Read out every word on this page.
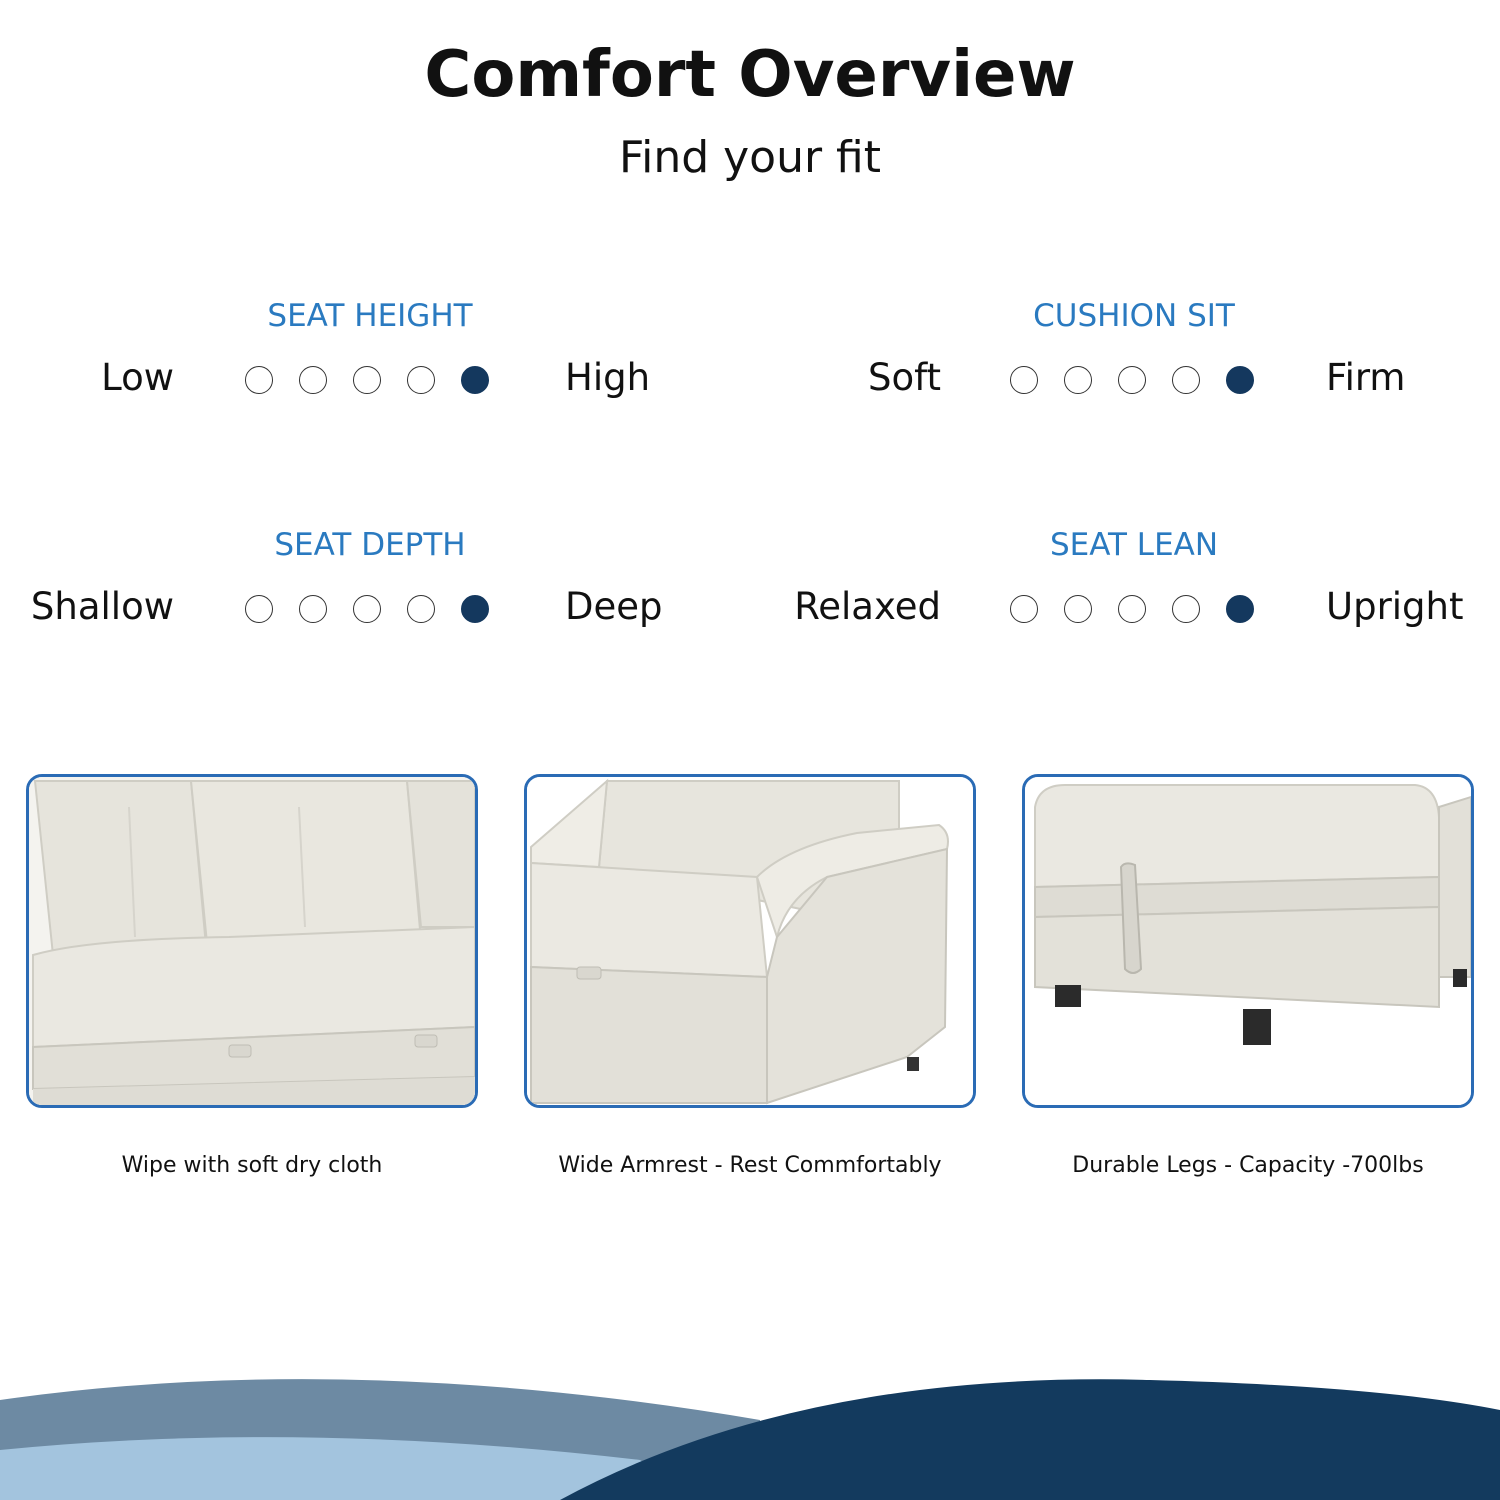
Comfort Overview
Find your fit
SEAT HEIGHT
Low	High
CUSHION SIT
Soft	Firm
SEAT DEPTH
Shallow	Deep
SEAT LEAN
Relaxed	Upright
Wipe with soft dry cloth	Wide Armrest - Rest Commfortably	Durable Legs - Capacity -700lbs
